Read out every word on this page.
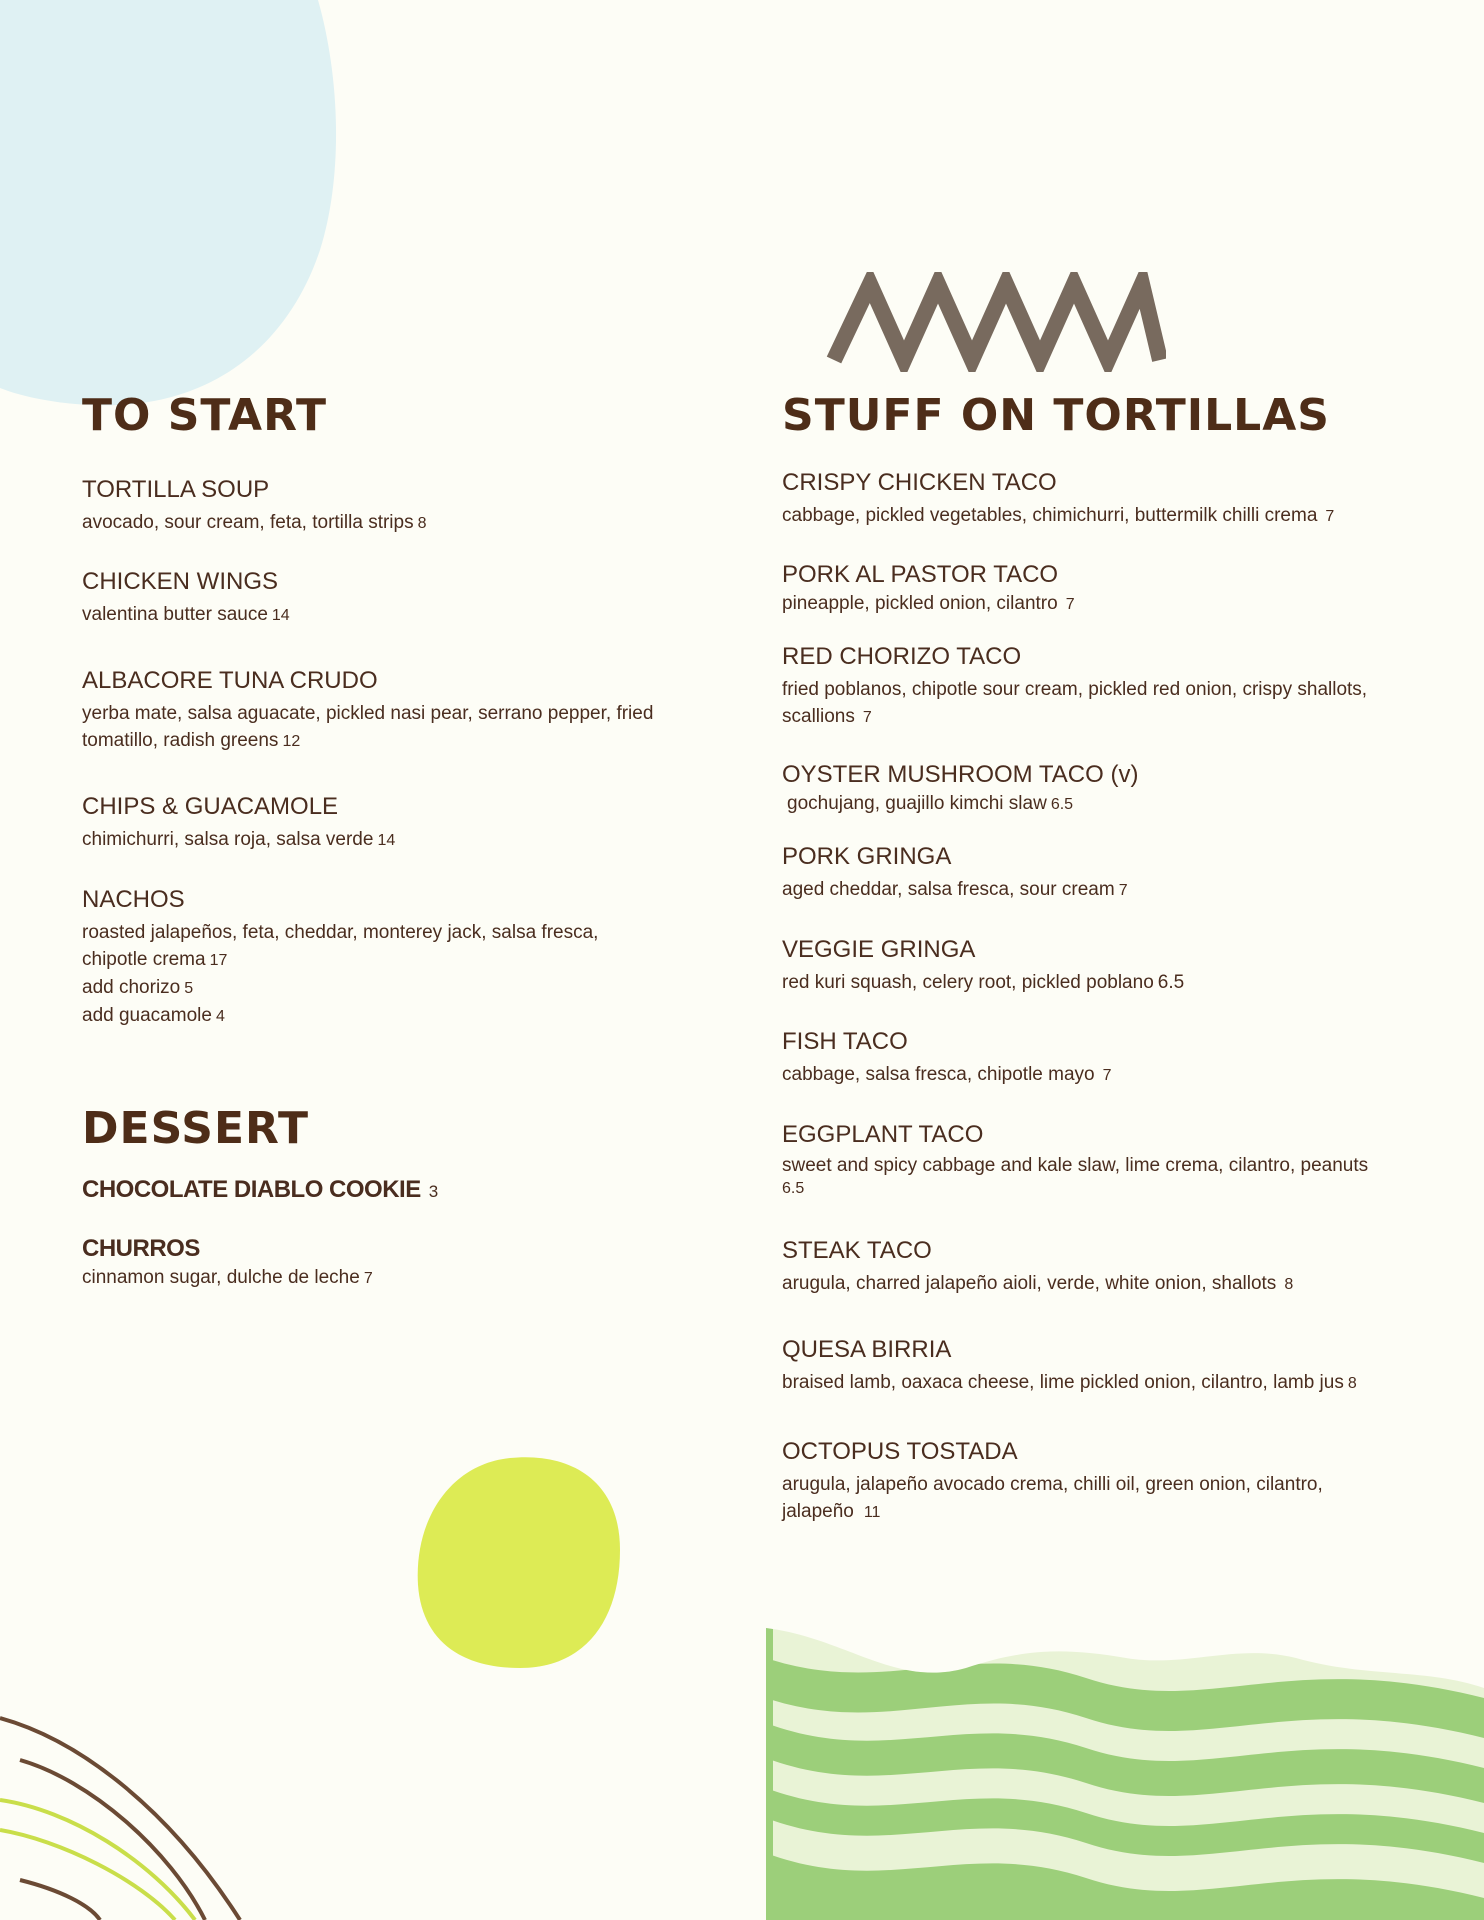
TO START
TORTILLA SOUP
avocado, sour cream, feta, tortilla strips 8
CHICKEN WINGS
valentina butter sauce 14
ALBACORE TUNA CRUDO
yerba mate, salsa aguacate, pickled nasi pear, serrano pepper, fried
tomatillo, radish greens 12
CHIPS & GUACAMOLE
chimichurri, salsa roja, salsa verde 14
NACHOS
roasted jalapeños, feta, cheddar, monterey jack, salsa fresca,
chipotle crema 17
add chorizo 5
add guacamole 4
DESSERT
CHOCOLATE DIABLO COOKIE 3
CHURROS
cinnamon sugar, dulche de leche 7
STUFF ON TORTILLAS
CRISPY CHICKEN TACO
cabbage, pickled vegetables, chimichurri, buttermilk chilli crema 7
PORK AL PASTOR TACO
pineapple, pickled onion, cilantro 7
RED CHORIZO TACO
fried poblanos, chipotle sour cream, pickled red onion, crispy shallots,
scallions 7
OYSTER MUSHROOM TACO (v)
gochujang, guajillo kimchi slaw 6.5
PORK GRINGA
aged cheddar, salsa fresca, sour cream 7
VEGGIE GRINGA
red kuri squash, celery root, pickled poblano 6.5
FISH TACO
cabbage, salsa fresca, chipotle mayo 7
EGGPLANT TACO
sweet and spicy cabbage and kale slaw, lime crema, cilantro, peanuts
6.5
STEAK TACO
arugula, charred jalapeño aioli, verde, white onion, shallots 8
QUESA BIRRIA
braised lamb, oaxaca cheese, lime pickled onion, cilantro, lamb jus 8
OCTOPUS TOSTADA
arugula, jalapeño avocado crema, chilli oil, green onion, cilantro,
jalapeño 11
